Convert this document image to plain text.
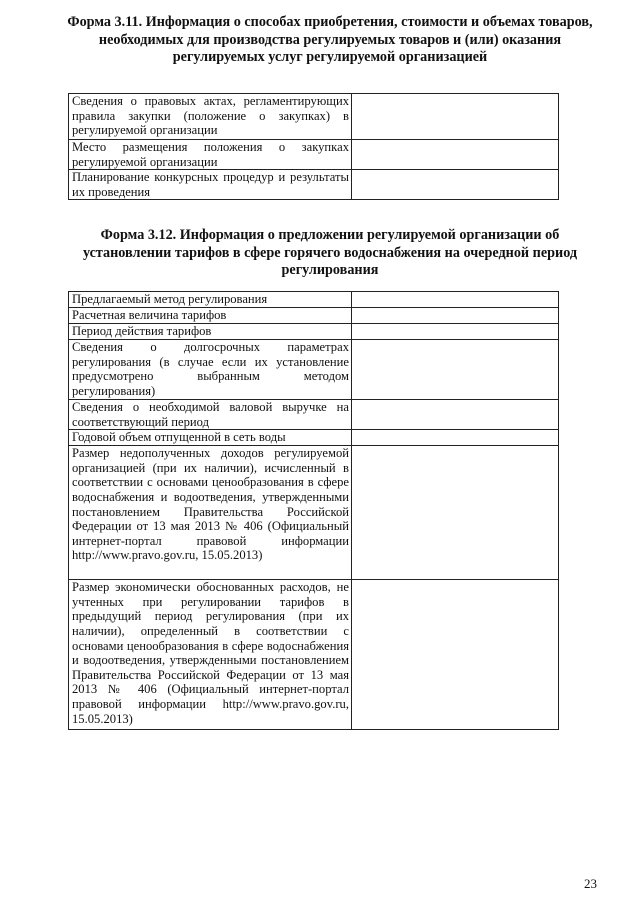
Форма 3.11. Информация о способах приобретения, стоимости и объемах товаров, необходимых для производства регулируемых товаров и (или) оказания регулируемых услуг регулируемой организацией
Сведения о правовых актах, регламентирующих правила закупки (положение о закупках) в регулируемой организации	
Место размещения положения о закупках регулируемой организации	
Планирование конкурсных процедур и результаты их проведения	
Форма 3.12. Информация о предложении регулируемой организации об установлении тарифов в сфере горячего водоснабжения на очередной период регулирования
Предлагаемый метод регулирования	
Расчетная величина тарифов	
Период действия тарифов	
Сведения о долгосрочных параметрах регулирования (в случае если их установление предусмотрено выбранным методом регулирования)	
Сведения о необходимой валовой выручке на соответствующий период	
Годовой объем отпущенной в сеть воды	
Размер недополученных доходов регулируемой организацией (при их наличии), исчисленный в соответствии с основами ценообразования в сфере водоснабжения и водоотведения, утвержденными постановлением Правительства Российской Федерации от 13 мая 2013 № 406 (Официальный интернет-портал правовой информации http://www.pravo.gov.ru, 15.05.2013)	
Размер экономически обоснованных расходов, не учтенных при регулировании тарифов в предыдущий период регулирования (при их наличии), определенный в соответствии с основами ценообразования в сфере водоснабжения и водоотведения, утвержденными постановлением Правительства Российской Федерации от 13 мая 2013 № 406 (Официальный интернет-портал правовой информации http://www.pravo.gov.ru, 15.05.2013)	
23
